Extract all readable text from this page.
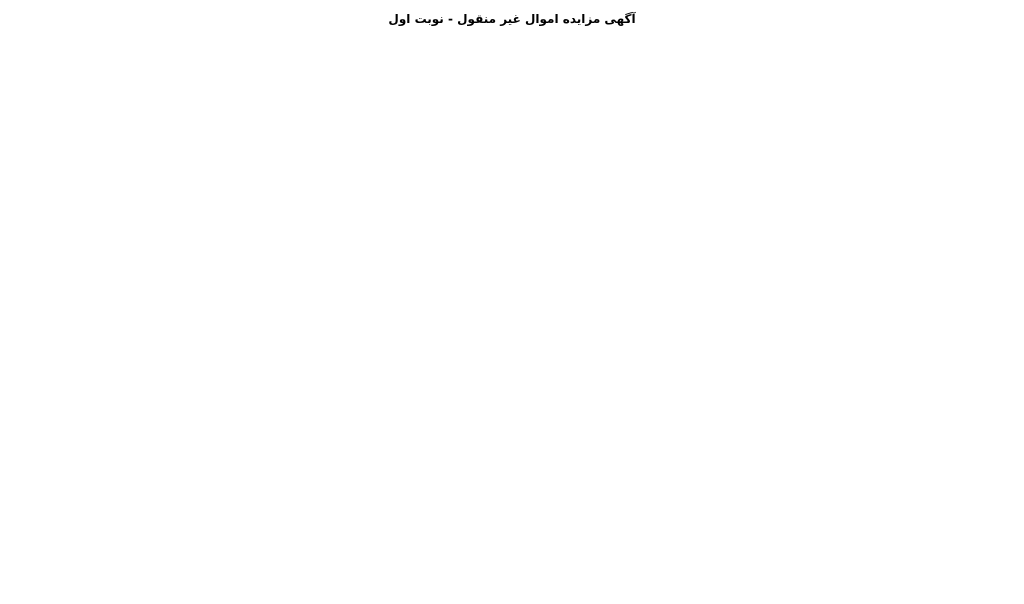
آگهی مزایده اموال غیر منقول - نوبت اول
